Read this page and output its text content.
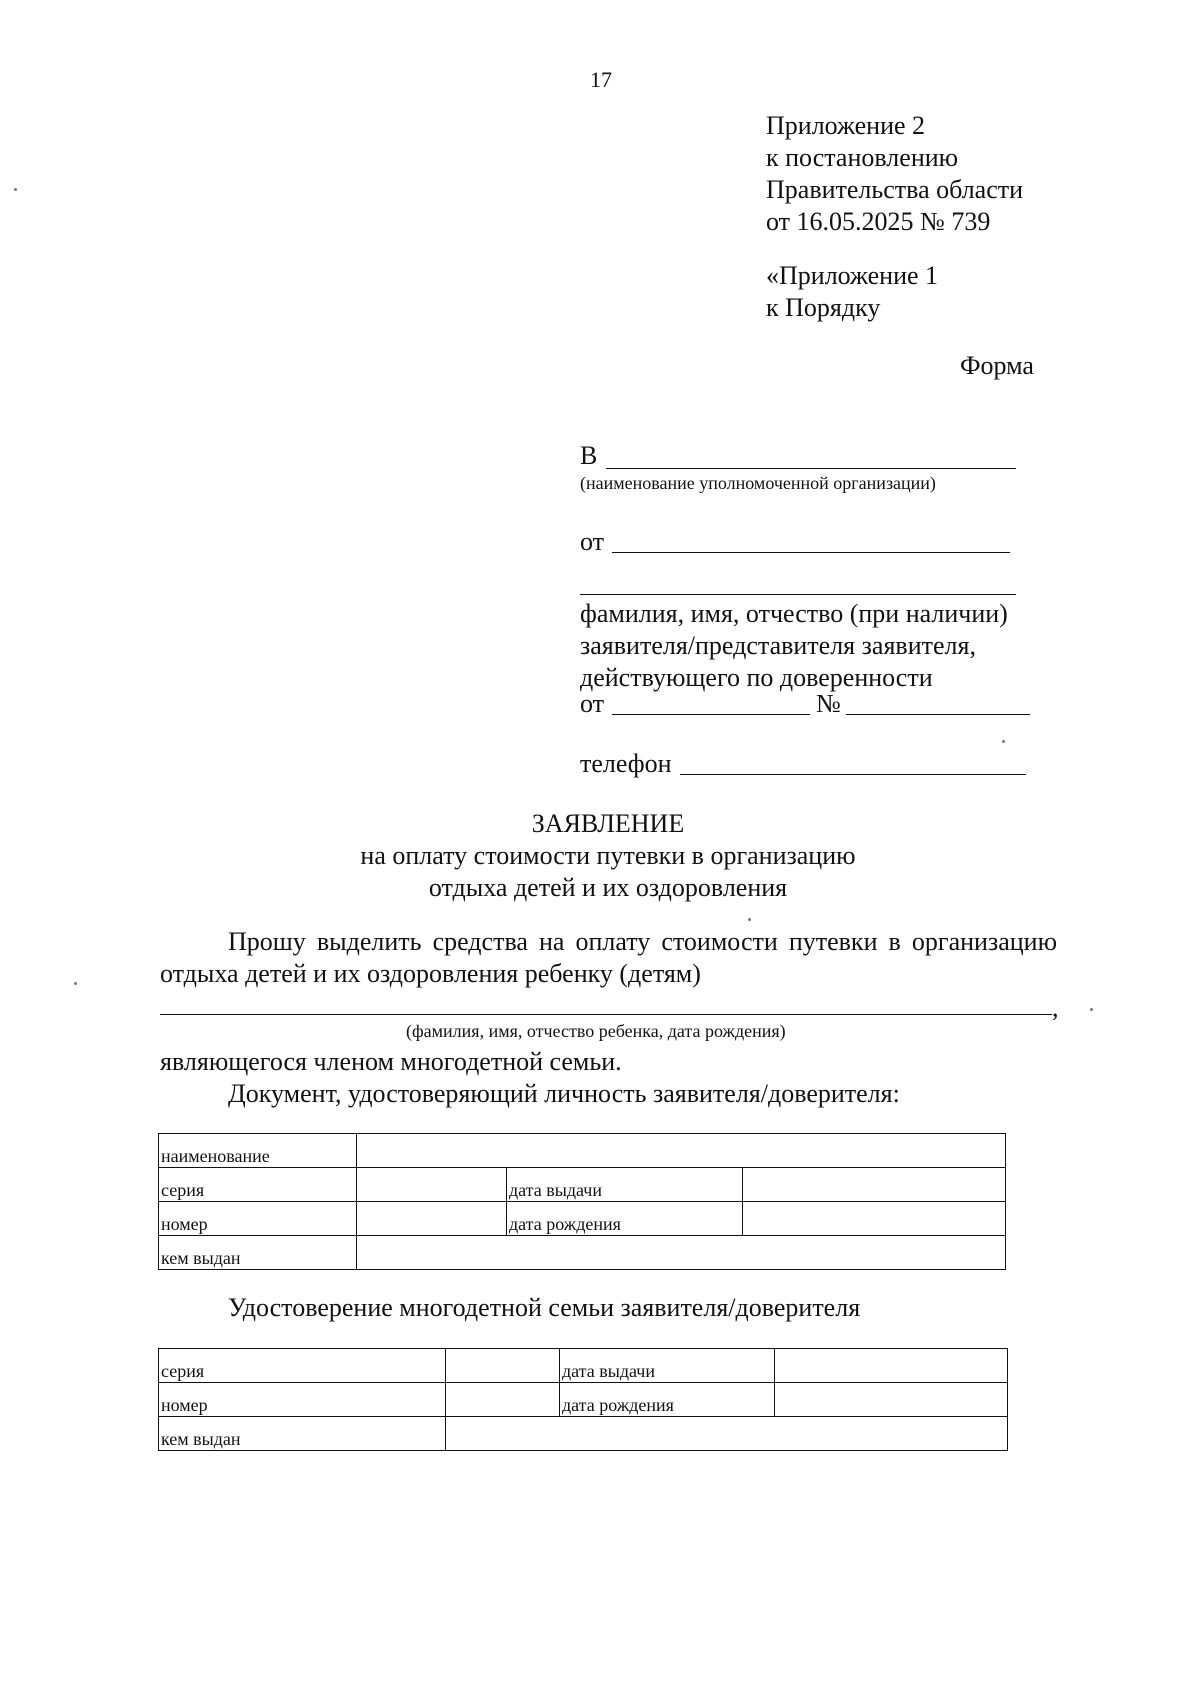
17
Приложение 2
к постановлению
Правительства области
от 16.05.2025 № 739
«Приложение 1
к Порядку
Форма
В
(наименование уполномоченной организации)
от
фамилия, имя, отчество (при наличии)
заявителя/представителя заявителя,
действующего по доверенности
от	№
телефон
ЗАЯВЛЕНИЕ
на оплату стоимости путевки в организацию
отдыха детей и их оздоровления
Прошу выделить средства на оплату стоимости путевки в организацию
отдыха детей и их оздоровления ребенку (детям)
,
(фамилия, имя, отчество ребенка, дата рождения)
являющегося членом многодетной семьи.
Документ, удостоверяющий личность заявителя/доверителя:
наименование			
серия		дата выдачи	
номер		дата рождения	
кем выдан			
Удостоверение многодетной семьи заявителя/доверителя
серия		дата выдачи	
номер		дата рождения	
кем выдан			
